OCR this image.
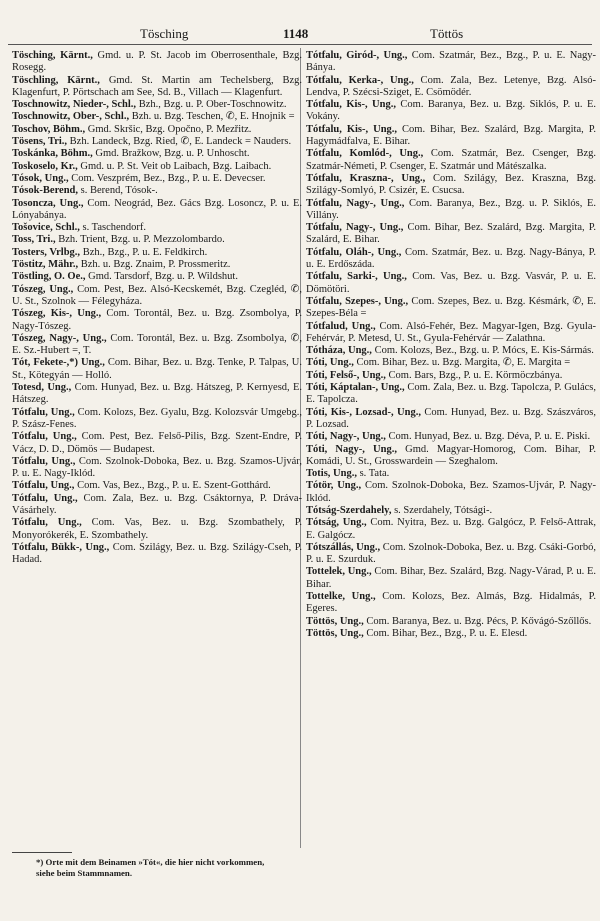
Tösching	1148	Töttös
Tösching, Kärnt., Gmd. u. P. St. Jacob im Oberrosenthale, Bzg. Rosegg.
Töschling, Kärnt., Gmd. St. Martin am Techelsberg, Bzg. Klagenfurt, P. Pörtschach am See, Sd. B., Villach — Klagenfurt.
Toschnowitz, Nieder-, Schl., Bzh., Bzg. u. P. Ober-Toschnowitz.
Toschnowitz, Ober-, Schl., Bzh. u. Bzg. Teschen, ✆, E. Hnojnik =
Toschov, Böhm., Gmd. Skršic, Bzg. Opočno, P. Mezřitz.
Tösens, Tri., Bzh. Landeck, Bzg. Ried, ✆, E. Landeck = Nauders.
Toskánka, Böhm., Gmd. Bražkow, Bzg. u. P. Unhoscht.
Toskoselo, Kr., Gmd. u. P. St. Veit ob Laibach, Bzg. Laibach.
Tósok, Ung., Com. Veszprém, Bez., Bzg., P. u. E. Devecser.
Tósok-Berend, s. Berend, Tósok-.
Tosoncza, Ung., Com. Neográd, Bez. Gács Bzg. Losoncz, P. u. E. Lónyabánya.
Tošovice, Schl., s. Taschendorf.
Toss, Tri., Bzh. Trient, Bzg. u. P. Mezzolombardo.
Tosters, Vrlbg., Bzh., Bzg., P. u. E. Feldkirch.
Töstitz, Mähr., Bzh. u. Bzg. Znaim, P. Prossmeritz.
Töstling, O. Oe., Gmd. Tarsdorf, Bzg. u. P. Wildshut.
Tószeg, Ung., Com. Pest, Bez. Alsó-Kecskemét, Bzg. Czegléd, ✆, U. St., Szolnok — Félegyháza.
Tószeg, Kis-, Ung., Com. Torontál, Bez. u. Bzg. Zsombolya, P. Nagy-Tószeg.
Tószeg, Nagy-, Ung., Com. Torontál, Bez. u. Bzg. Zsombolya, ✆, E. Sz.-Hubert =, T.
Tót, Fekete-,*) Ung., Com. Bihar, Bez. u. Bzg. Tenke, P. Talpas, U. St., Kötegyán — Holló.
Totesd, Ung., Com. Hunyad, Bez. u. Bzg. Hátszeg, P. Kernyesd, E. Hátszeg.
Tótfalu, Ung., Com. Kolozs, Bez. Gyalu, Bzg. Kolozsvár Umgebg., P. Szász-Fenes.
Tótfalu, Ung., Com. Pest, Bez. Felső-Pilis, Bzg. Szent-Endre, P. Vácz, D. D., Dömös — Budapest.
Tótfalu, Ung., Com. Szolnok-Doboka, Bez. u. Bzg. Szamos-Ujvár, P. u. E. Nagy-Iklód.
Tótfalu, Ung., Com. Vas, Bez., Bzg., P. u. E. Szent-Gotthárd.
Tótfalu, Ung., Com. Zala, Bez. u. Bzg. Csáktornya, P. Dráva-Vásárhely.
Tótfalu, Ung., Com. Vas, Bez. u. Bzg. Szombathely, P. Monyorókerék, E. Szombathely.
Tótfalu, Bükk-, Ung., Com. Szilágy, Bez. u. Bzg. Szilágy-Cseh, P. Hadad.
Tótfalu, Giród-, Ung., Com. Szatmár, Bez., Bzg., P. u. E. Nagy-Bánya.
Tótfalu, Kerka-, Ung., Com. Zala, Bez. Letenye, Bzg. Alsó-Lendva, P. Szécsi-Sziget, E. Csömödér.
Tótfalu, Kis-, Ung., Com. Baranya, Bez. u. Bzg. Siklós, P. u. E. Vokány.
Tótfalu, Kis-, Ung., Com. Bihar, Bez. Szalárd, Bzg. Margita, P. Hagymádfalva, E. Bihar.
Tótfalu, Komlód-, Ung., Com. Szatmár, Bez. Csenger, Bzg. Szatmár-Németi, P. Csenger, E. Szatmár und Mátészalka.
Tótfalu, Kraszna-, Ung., Com. Szilágy, Bez. Kraszna, Bzg. Szilágy-Somlyó, P. Csizér, E. Csucsa.
Tótfalu, Nagy-, Ung., Com. Baranya, Bez., Bzg. u. P. Siklós, E. Villány.
Tótfalu, Nagy-, Ung., Com. Bihar, Bez. Szalárd, Bzg. Margita, P. Szalárd, E. Bihar.
Tótfalu, Oláh-, Ung., Com. Szatmár, Bez. u. Bzg. Nagy-Bánya, P. u. E. Erdőszáda.
Tótfalu, Sarki-, Ung., Com. Vas, Bez. u. Bzg. Vasvár, P. u. E. Dömötöri.
Tótfalu, Szepes-, Ung., Com. Szepes, Bez. u. Bzg. Késmárk, ✆, E. Szepes-Béla =
Tótfalud, Ung., Com. Alsó-Fehér, Bez. Magyar-Igen, Bzg. Gyula-Fehérvár, P. Metesd, U. St., Gyula-Fehérvár — Zalathna.
Tótháza, Ung., Com. Kolozs, Bez., Bzg. u. P. Mócs, E. Kis-Sármás.
Tóti, Ung., Com. Bihar, Bez. u. Bzg. Margita, ✆, E. Margita =
Tóti, Felső-, Ung., Com. Bars, Bzg., P. u. E. Körmöczbánya.
Tóti, Káptalan-, Ung., Com. Zala, Bez. u. Bzg. Tapolcza, P. Gulács, E. Tapolcza.
Tóti, Kis-, Lozsad-, Ung., Com. Hunyad, Bez. u. Bzg. Szászváros, P. Lozsad.
Tóti, Nagy-, Ung., Com. Hunyad, Bez. u. Bzg. Déva, P. u. E. Piski.
Tóti, Nagy-, Ung., Gmd. Magyar-Homorog, Com. Bihar, P. Komádi, U. St., Grosswardein — Szeghalom.
Totis, Ung., s. Tata.
Tótör, Ung., Com. Szolnok-Doboka, Bez. Szamos-Ujvár, P. Nagy-Iklód.
Tótság-Szerdahely, s. Szerdahely, Tótsági-.
Tótság, Ung., Com. Nyitra, Bez. u. Bzg. Galgócz, P. Felső-Attrak, E. Galgócz.
Tótszállás, Ung., Com. Szolnok-Doboka, Bez. u. Bzg. Csáki-Gorbó, P. u. E. Szurduk.
Tottelek, Ung., Com. Bihar, Bez. Szalárd, Bzg. Nagy-Várad, P. u. E. Bihar.
Tottelke, Ung., Com. Kolozs, Bez. Almás, Bzg. Hidalmás, P. Egeres.
Töttös, Ung., Com. Baranya, Bez. u. Bzg. Pécs, P. Kővágó-Szőllős.
Töttös, Ung., Com. Bihar, Bez., Bzg., P. u. E. Elesd.
*) Orte mit dem Beinamen »Tót«, die hier nicht vorkommen, siehe beim Stammnamen.
